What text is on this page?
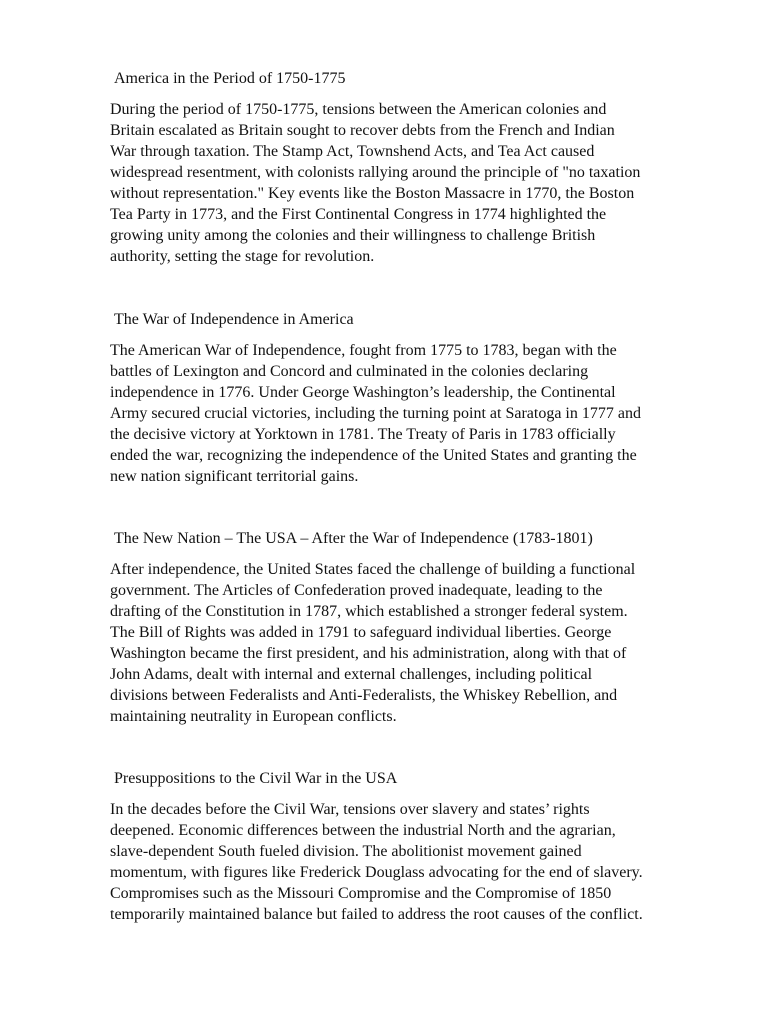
America in the Period of 1750-1775

During the period of 1750-1775, tensions between the American colonies and
Britain escalated as Britain sought to recover debts from the French and Indian
War through taxation. The Stamp Act, Townshend Acts, and Tea Act caused
widespread resentment, with colonists rallying around the principle of "no taxation
without representation." Key events like the Boston Massacre in 1770, the Boston
Tea Party in 1773, and the First Continental Congress in 1774 highlighted the
growing unity among the colonies and their willingness to challenge British
authority, setting the stage for revolution.

The War of Independence in America

The American War of Independence, fought from 1775 to 1783, began with the
battles of Lexington and Concord and culminated in the colonies declaring
independence in 1776. Under George Washington’s leadership, the Continental
Army secured crucial victories, including the turning point at Saratoga in 1777 and
the decisive victory at Yorktown in 1781. The Treaty of Paris in 1783 officially
ended the war, recognizing the independence of the United States and granting the
new nation significant territorial gains.

The New Nation – The USA – After the War of Independence (1783-1801)

After independence, the United States faced the challenge of building a functional
government. The Articles of Confederation proved inadequate, leading to the
drafting of the Constitution in 1787, which established a stronger federal system.
The Bill of Rights was added in 1791 to safeguard individual liberties. George
Washington became the first president, and his administration, along with that of
John Adams, dealt with internal and external challenges, including political
divisions between Federalists and Anti-Federalists, the Whiskey Rebellion, and
maintaining neutrality in European conflicts.

Presuppositions to the Civil War in the USA

In the decades before the Civil War, tensions over slavery and states’ rights
deepened. Economic differences between the industrial North and the agrarian,
slave-dependent South fueled division. The abolitionist movement gained
momentum, with figures like Frederick Douglass advocating for the end of slavery.
Compromises such as the Missouri Compromise and the Compromise of 1850
temporarily maintained balance but failed to address the root causes of the conflict.
